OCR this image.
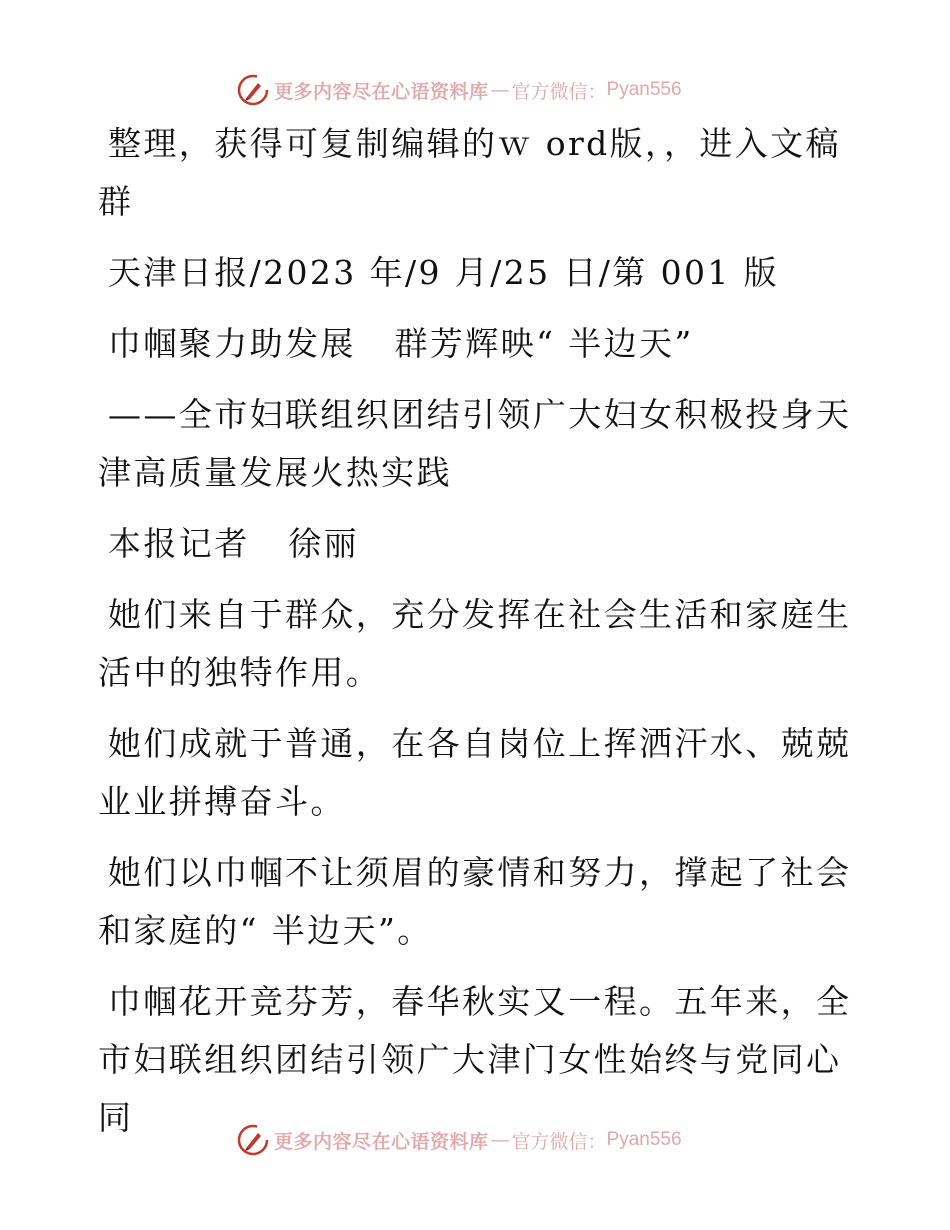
更多内容尽在心语资料库 — 官方微信： Pyan556

整理，获得可复制编辑的ｗ ord版，，进入文稿群

天津日报/2023 年/9 月/25 日/第 001 版

巾帼聚力助发展   群芳辉映“ 半边天”

——全市妇联组织团结引领广大妇女积极投身天津高质量发展火热实践

本报记者   徐丽

她们来自于群众，充分发挥在社会生活和家庭生活中的独特作用。

她们成就于普通，在各自岗位上挥洒汗水、兢兢业业拼搏奋斗。

她们以巾帼不让须眉的豪情和努力，撑起了社会和家庭的“ 半边天”。

巾帼花开竞芬芳，春华秋实又一程。五年来，全市妇联组织团结引领广大津门女性始终与党同心同

更多内容尽在心语资料库 — 官方微信： Pyan556
